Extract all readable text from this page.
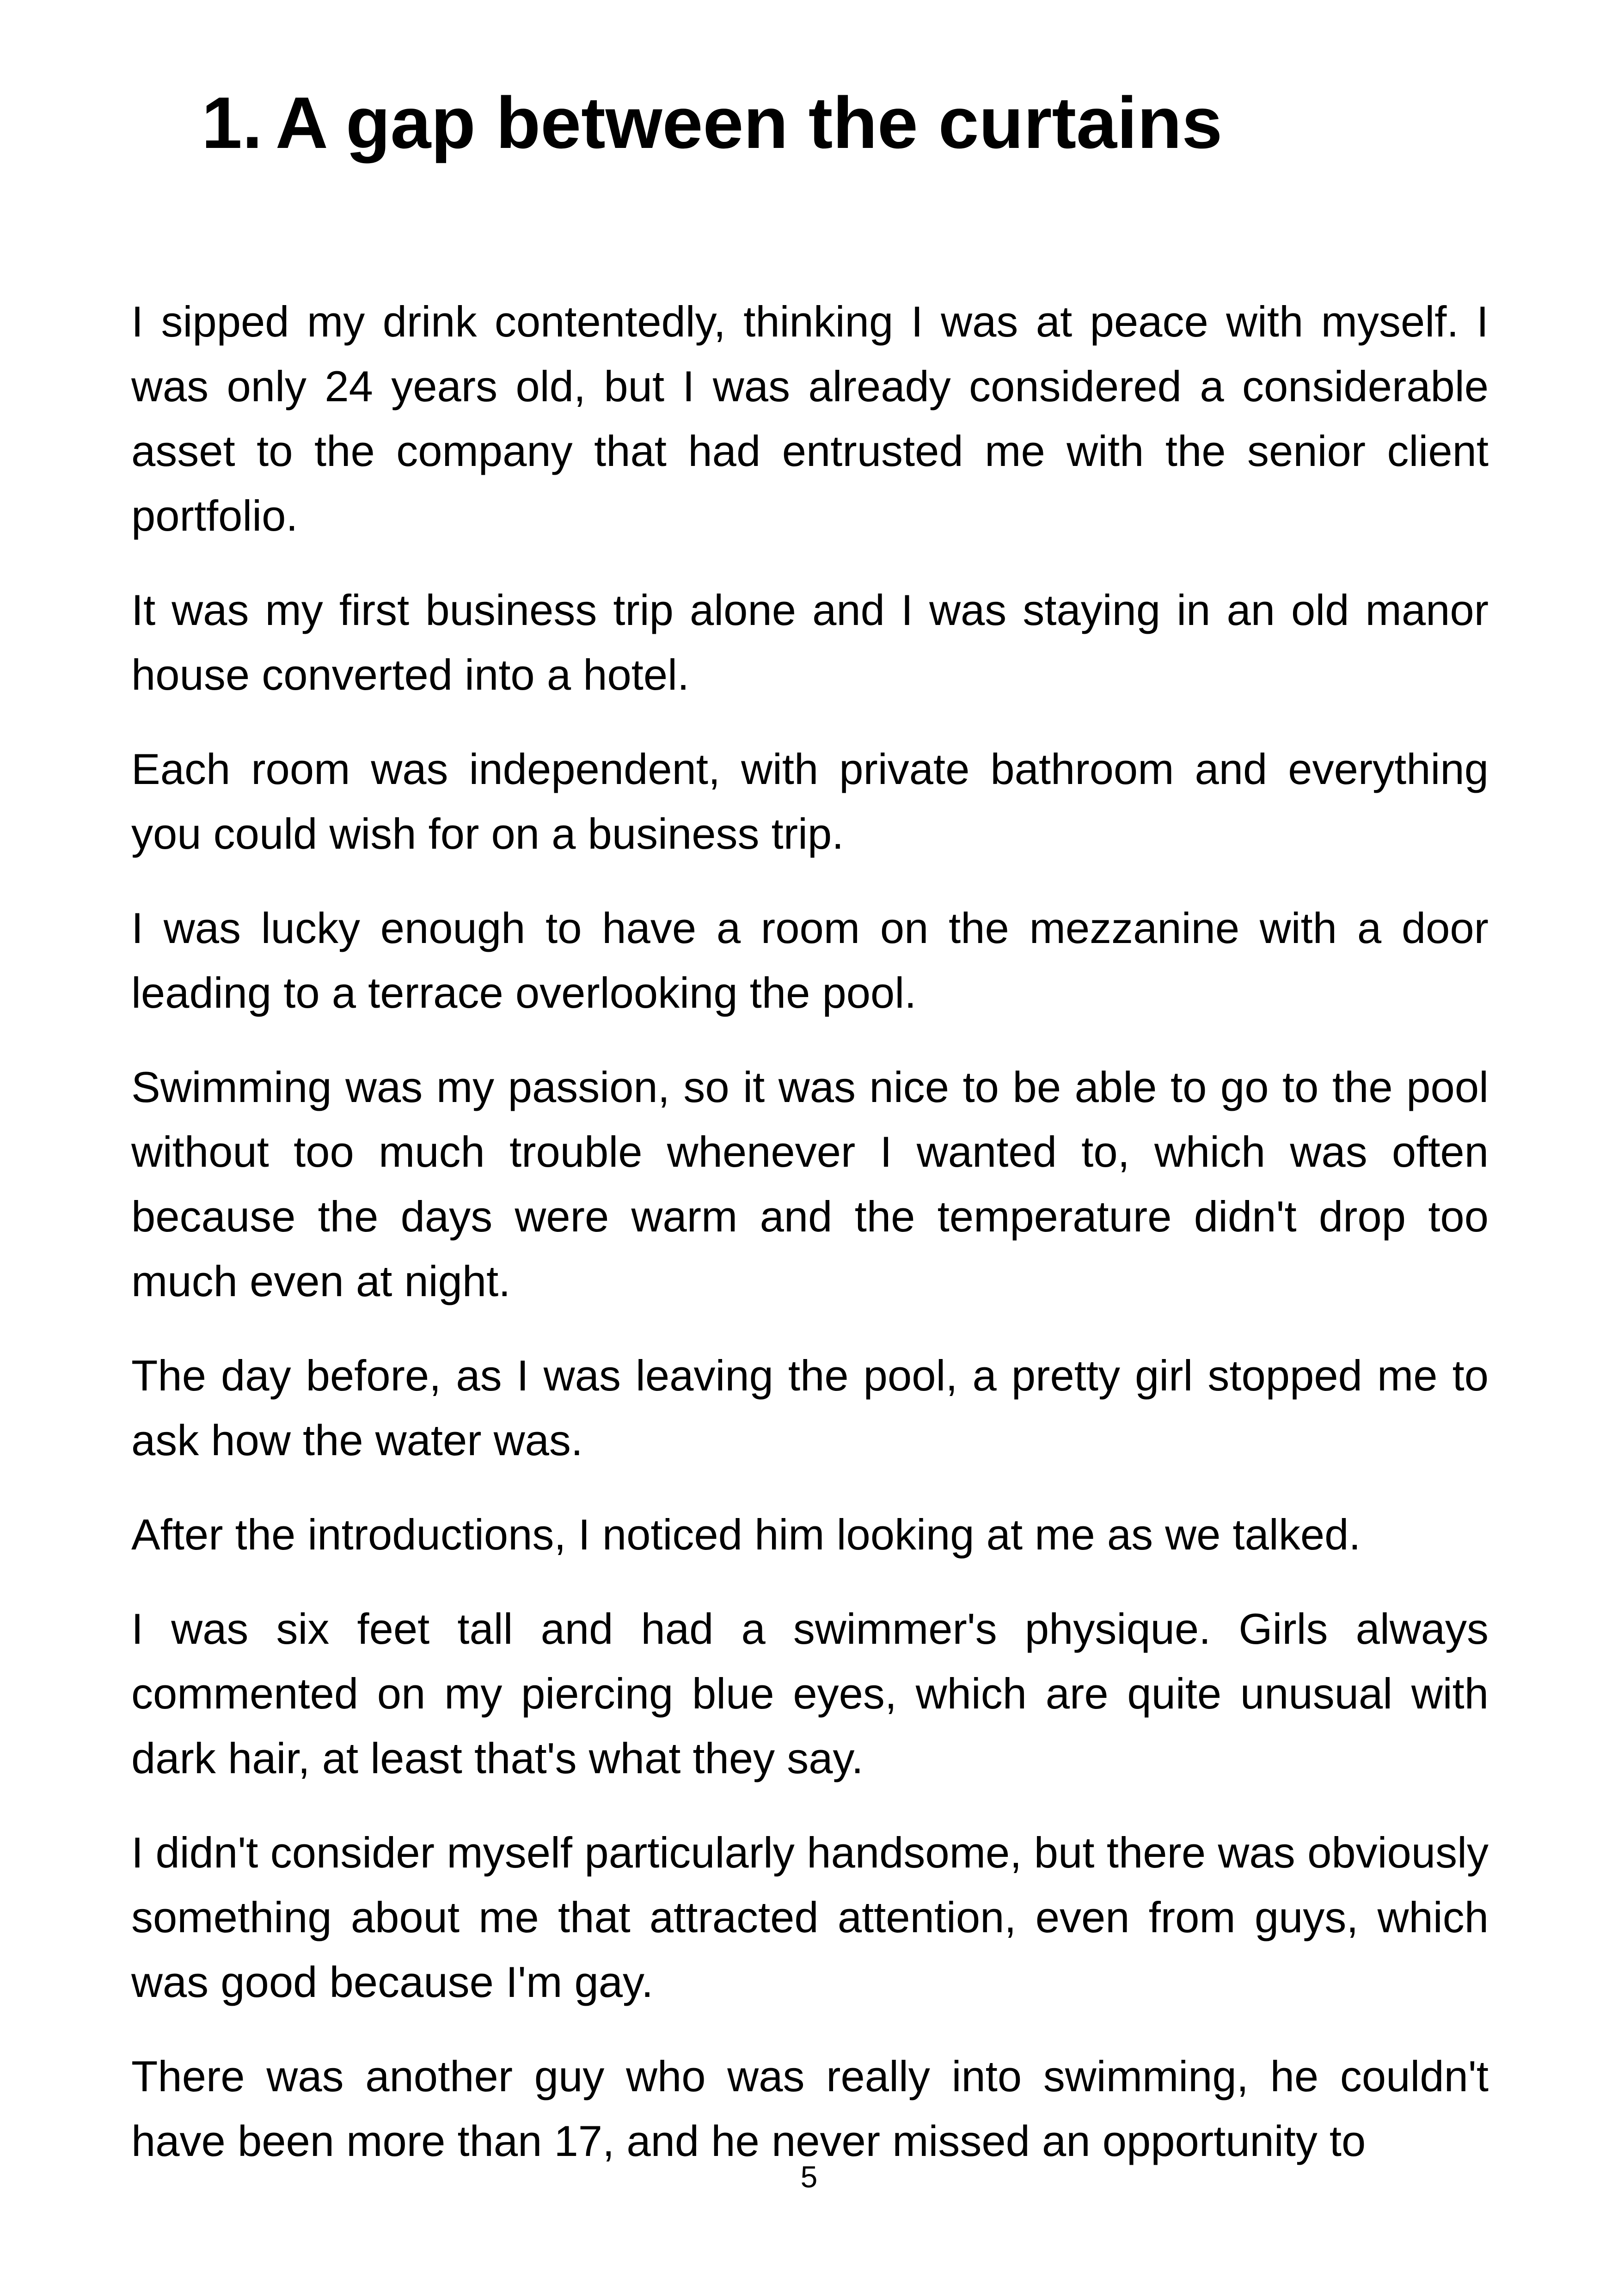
1. A gap between the curtains

I sipped my drink contentedly, thinking I was at peace with myself. I was only 24 years old, but I was already considered a considerable asset to the company that had entrusted me with the senior client portfolio.

It was my first business trip alone and I was staying in an old manor house converted into a hotel.

Each room was independent, with private bathroom and everything you could wish for on a business trip.

I was lucky enough to have a room on the mezzanine with a door leading to a terrace overlooking the pool.

Swimming was my passion, so it was nice to be able to go to the pool without too much trouble whenever I wanted to, which was often because the days were warm and the temperature didn't drop too much even at night.

The day before, as I was leaving the pool, a pretty girl stopped me to ask how the water was.

After the introductions, I noticed him looking at me as we talked.

I was six feet tall and had a swimmer's physique. Girls always commented on my piercing blue eyes, which are quite unusual with dark hair, at least that's what they say.

I didn't consider myself particularly handsome, but there was obviously something about me that attracted attention, even from guys, which was good because I'm gay.

There was another guy who was really into swimming, he couldn't have been more than 17, and he never missed an opportunity to

5
